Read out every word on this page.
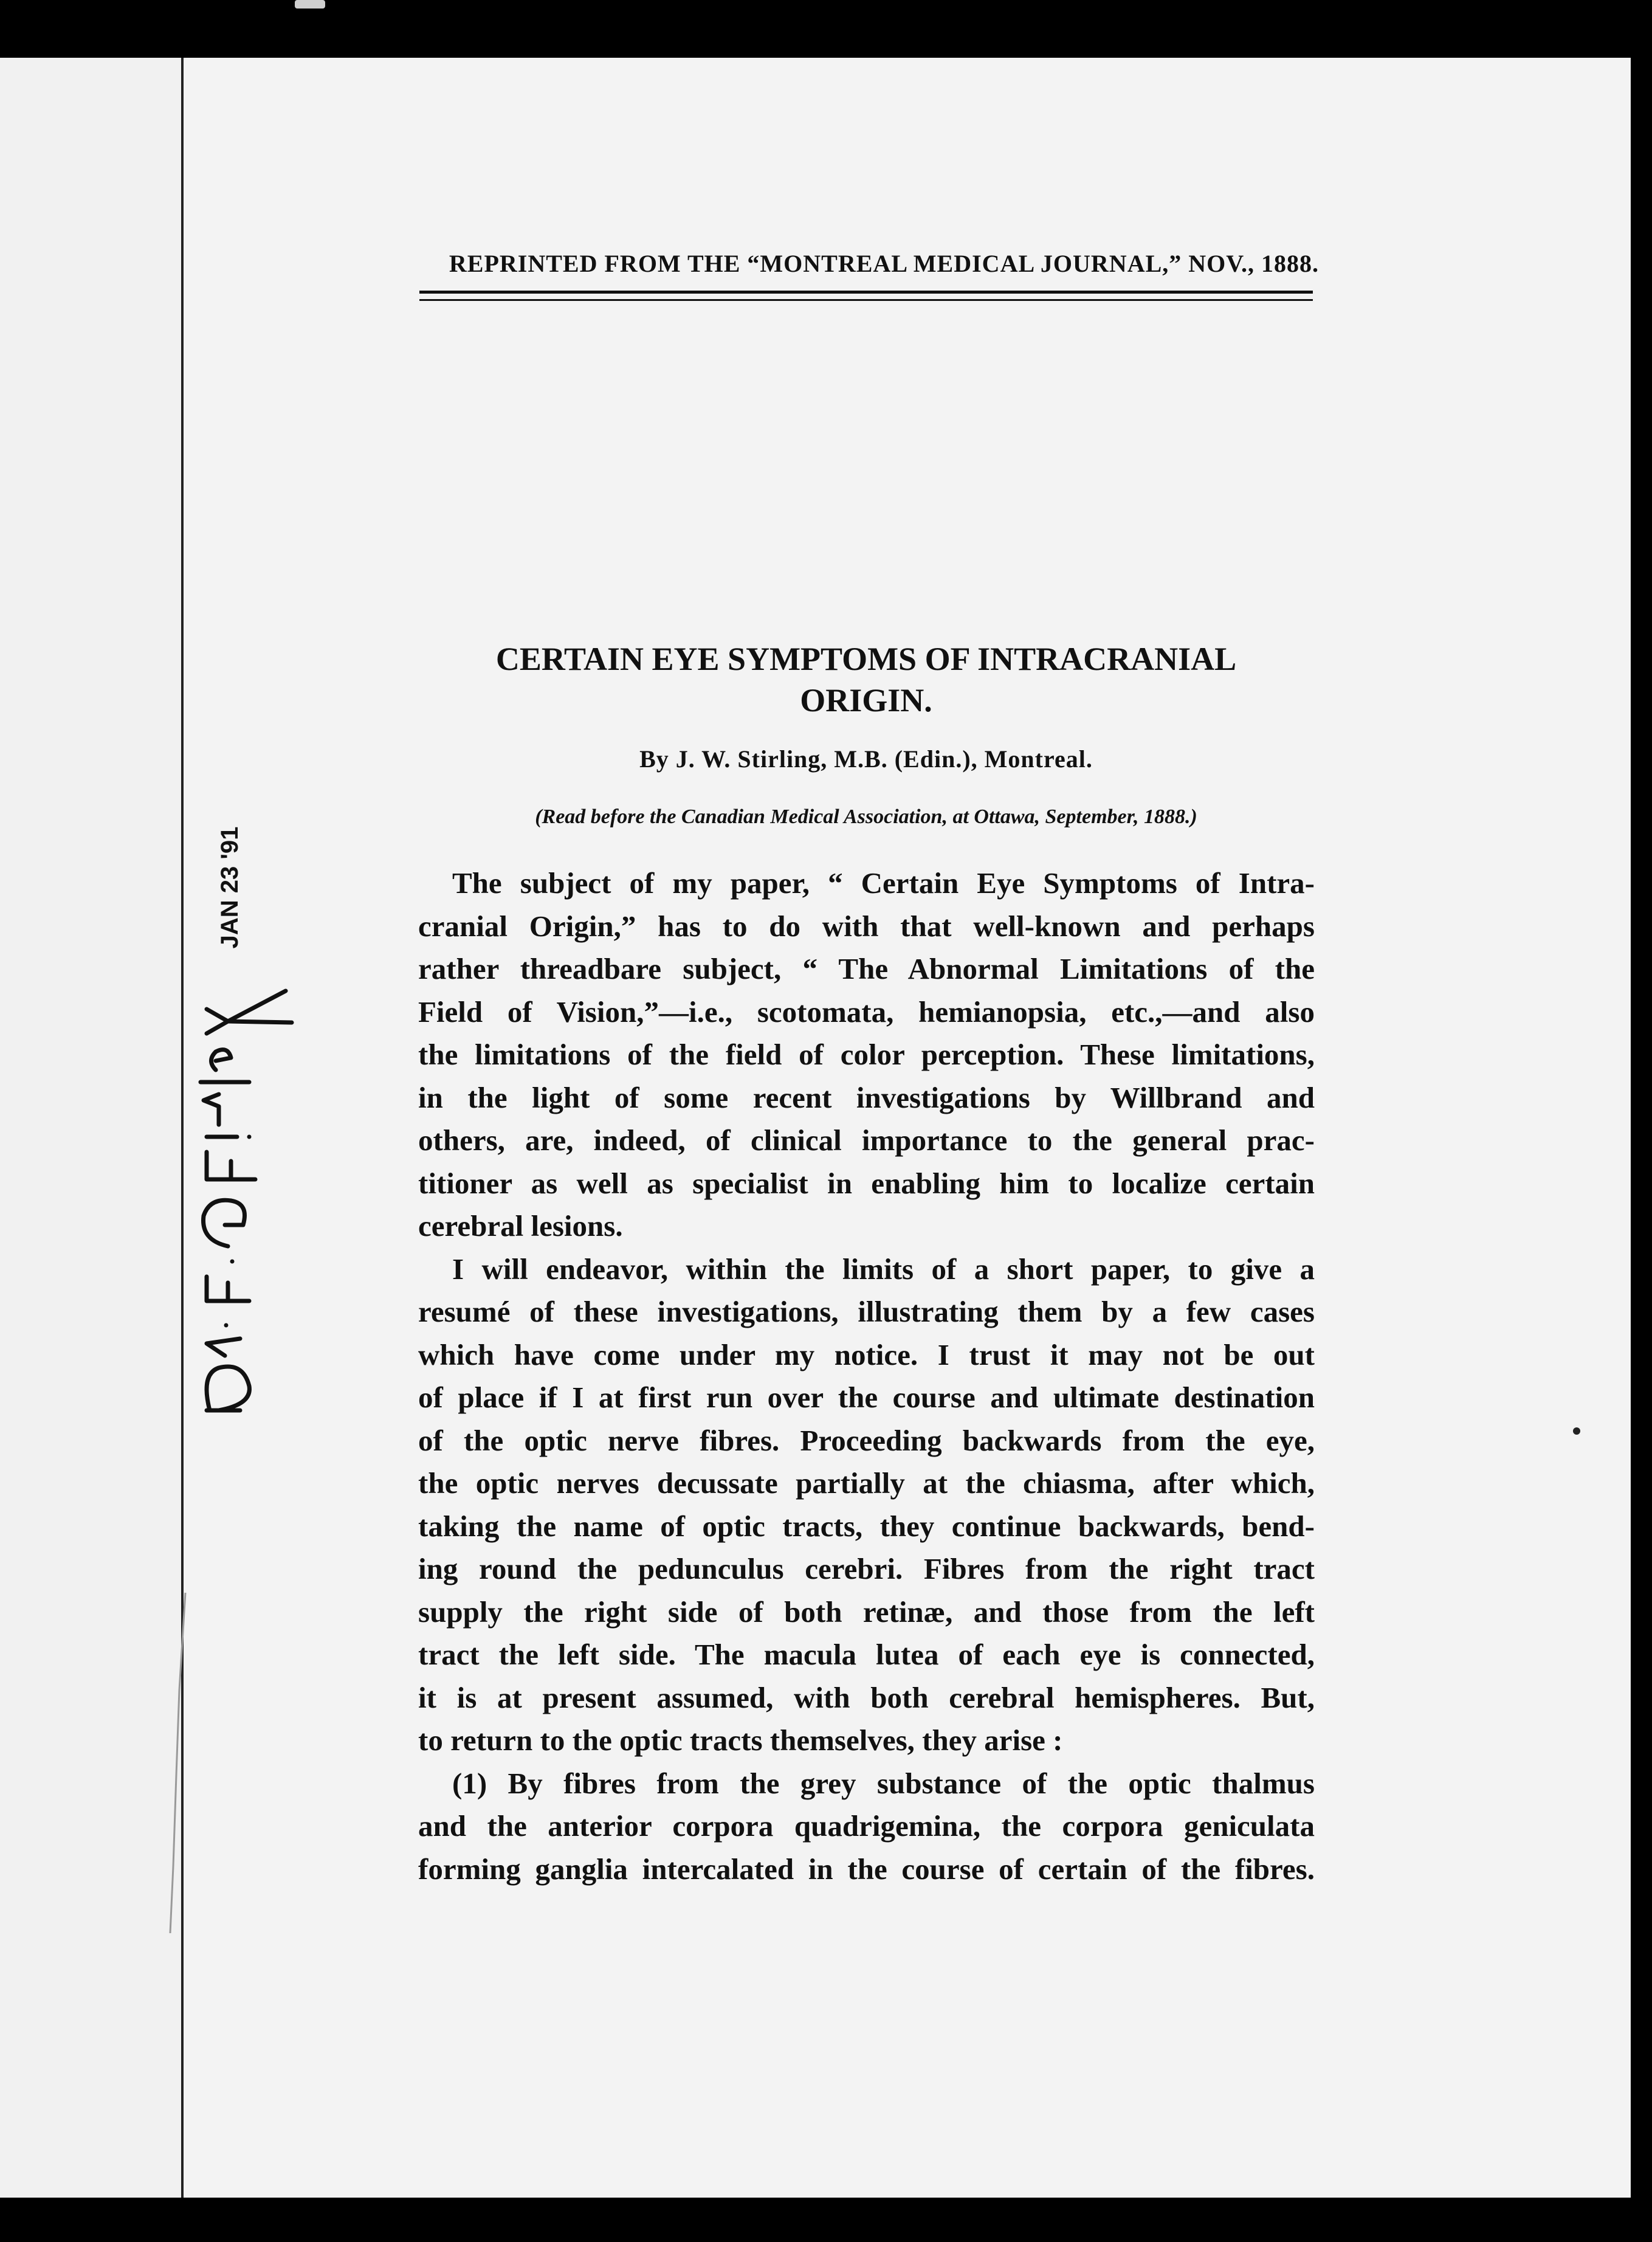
REPRINTED FROM THE “MONTREAL MEDICAL JOURNAL,” NOV., 1888.
CERTAIN EYE SYMPTOMS OF INTRACRANIAL
ORIGIN.
By J. W. Stirling, M.B. (Edin.), Montreal.
(Read before the Canadian Medical Association, at Ottawa, September, 1888.)
The subject of my paper, “ Certain Eye Symptoms of Intra-
cranial Origin,” has to do with that well-known and perhaps
rather threadbare subject, “ The Abnormal Limitations of the
Field of Vision,”—i.e., scotomata, hemianopsia, etc.,—and also
the limitations of the field of color perception. These limitations,
in the light of some recent investigations by Willbrand and
others, are, indeed, of clinical importance to the general prac-
titioner as well as specialist in enabling him to localize certain
cerebral lesions.
I will endeavor, within the limits of a short paper, to give a
resumé of these investigations, illustrating them by a few cases
which have come under my notice. I trust it may not be out
of place if I at first run over the course and ultimate destination
of the optic nerve fibres. Proceeding backwards from the eye,
the optic nerves decussate partially at the chiasma, after which,
taking the name of optic tracts, they continue backwards, bend-
ing round the pedunculus cerebri. Fibres from the right tract
supply the right side of both retinæ, and those from the left
tract the left side. The macula lutea of each eye is connected,
it is at present assumed, with both cerebral hemispheres. But,
to return to the optic tracts themselves, they arise :
(1) By fibres from the grey substance of the optic thalmus
and the anterior corpora quadrigemina, the corpora geniculata
forming ganglia intercalated in the course of certain of the fibres.
JAN 23 '91
